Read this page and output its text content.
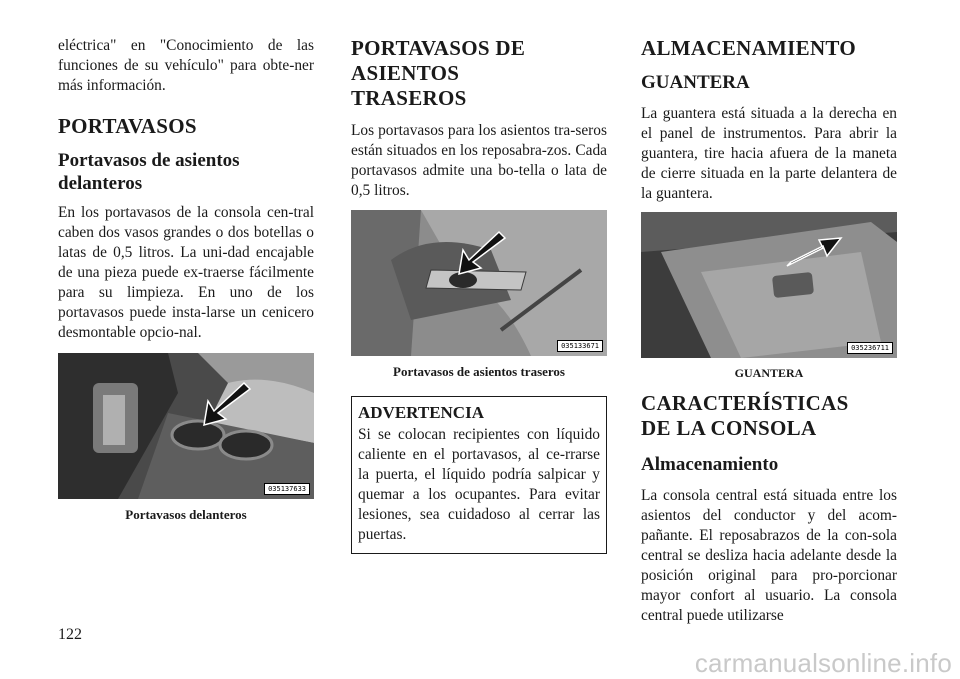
eléctrica" en "Conocimiento de las funciones de su vehículo" para obte-ner más información.

PORTAVASOS
Portavasos de asientos delanteros

En los portavasos de la consola cen-tral caben dos vasos grandes o dos botellas o latas de 0,5 litros. La uni-dad encajable de una pieza puede ex-traerse fácilmente para su limpieza. En uno de los portavasos puede insta-larse un cenicero desmontable opcio-nal.

035137633
Portavasos delanteros
PORTAVASOS DE ASIENTOS TRASEROS

Los portavasos para los asientos tra-seros están situados en los reposabra-zos. Cada portavasos admite una bo-tella o lata de 0,5 litros.

035133671
Portavasos de asientos traseros
ADVERTENCIA

Si se colocan recipientes con líquido caliente en el portavasos, al ce-rrarse la puerta, el líquido podría salpicar y quemar a los ocupantes. Para evitar lesiones, sea cuidadoso al cerrar las puertas.

ALMACENAMIENTO
GUANTERA

La guantera está situada a la derecha en el panel de instrumentos. Para abrir la guantera, tire hacia afuera de la maneta de cierre situada en la parte delantera de la guantera.

035236711
GUANTERA
CARACTERÍSTICAS DE LA CONSOLA
Almacenamiento

La consola central está situada entre los asientos del conductor y del acom-pañante. El reposabrazos de la con-sola central se desliza hacia adelante desde la posición original para pro-porcionar mayor confort al usuario. La consola central puede utilizarse

122
carmanualsonline.info
